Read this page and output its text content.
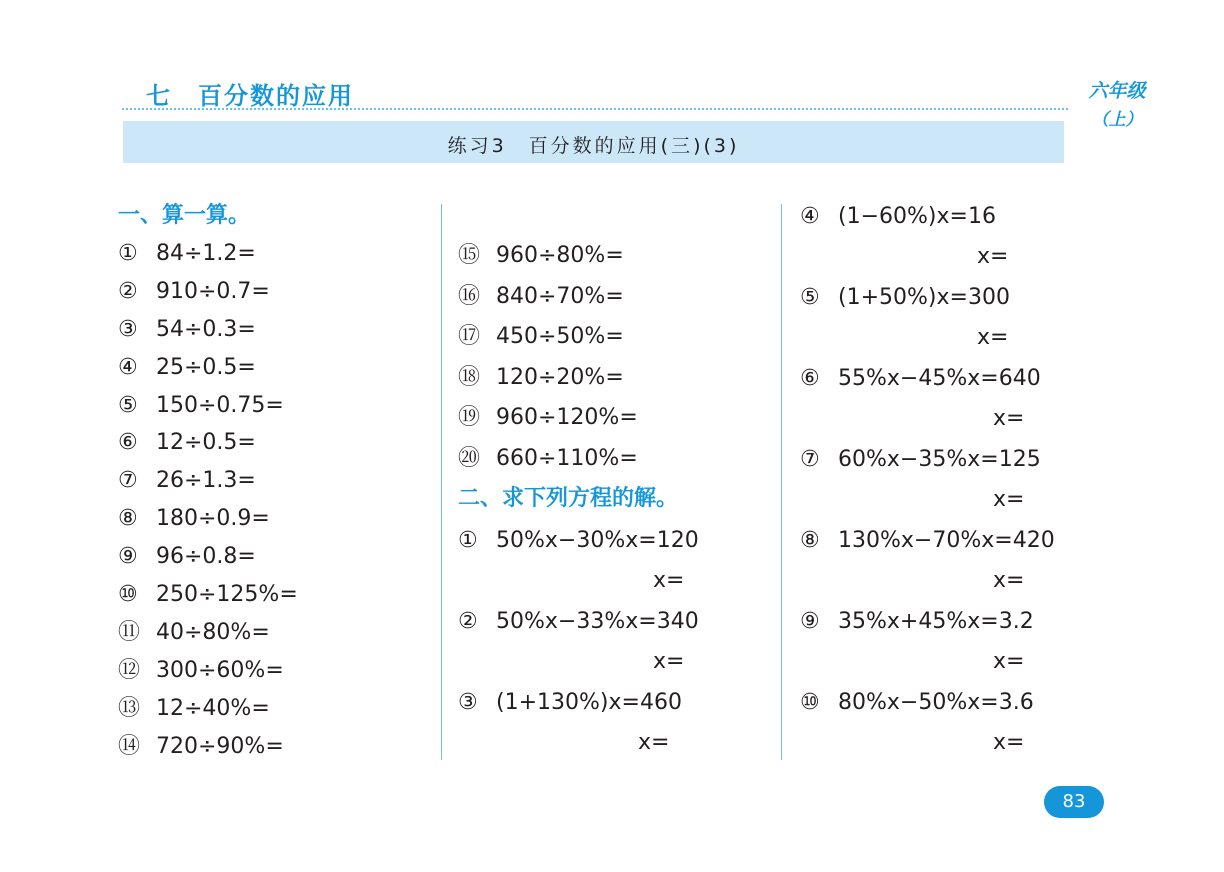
七　百分数的应用	六年级
（上）
练习3　百分数的应用(三)(3)
一、算一算。
① 84÷1.2=
② 910÷0.7=
③ 54÷0.3=
④ 25÷0.5=
⑤ 150÷0.75=
⑥ 12÷0.5=
⑦ 26÷1.3=
⑧ 180÷0.9=
⑨ 96÷0.8=
⑩ 250÷125%=
⑪ 40÷80%=
⑫ 300÷60%=
⑬ 12÷40%=
⑭ 720÷90%=
⑮ 960÷80%=
⑯ 840÷70%=
⑰ 450÷50%=
⑱ 120÷20%=
⑲ 960÷120%=
⑳ 660÷110%=
二、求下列方程的解。
① 50%x−30%x=120
x=
② 50%x−33%x=340
x=
③ (1+130%)x=460
x=
④ (1−60%)x=16
x=
⑤ (1+50%)x=300
x=
⑥ 55%x−45%x=640
x=
⑦ 60%x−35%x=125
x=
⑧ 130%x−70%x=420
x=
⑨ 35%x+45%x=3.2
x=
⑩ 80%x−50%x=3.6
x=
83
